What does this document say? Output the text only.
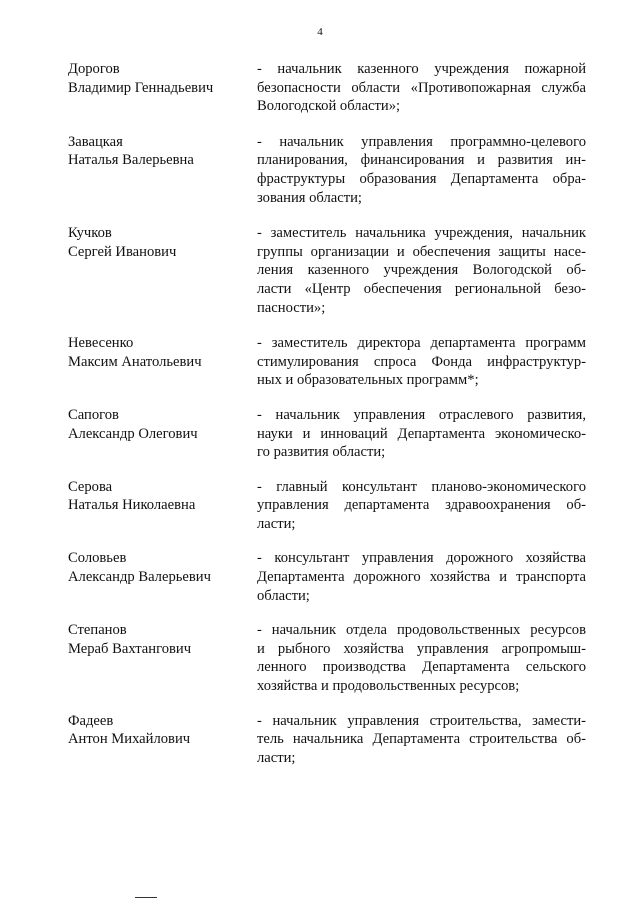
4
Дорогов
Владимир Геннадьевич
- начальник казенного учреждения пожарной
безопасности области «Противопожарная служба
Вологодской области»;
Завацкая
Наталья Валерьевна
- начальник управления программно-целевого
планирования, финансирования и развития ин-
фраструктуры образования Департамента обра-
зования области;
Кучков
Сергей Иванович
- заместитель начальника учреждения, начальник
группы организации и обеспечения защиты насе-
ления казенного учреждения Вологодской об-
ласти «Центр обеспечения региональной безо-
пасности»;
Невесенко
Максим Анатольевич
- заместитель директора департамента программ
стимулирования спроса Фонда инфраструктур-
ных и образовательных программ*;
Сапогов
Александр Олегович
- начальник управления отраслевого развития,
науки и инноваций Департамента экономическо-
го развития области;
Серова
Наталья Николаевна
- главный консультант планово-экономического
управления департамента здравоохранения об-
ласти;
Соловьев
Александр Валерьевич
- консультант управления дорожного хозяйства
Департамента дорожного хозяйства и транспорта
области;
Степанов
Мераб Вахтангович
- начальник отдела продовольственных ресурсов
и рыбного хозяйства управления агропромыш-
ленного производства Департамента сельского
хозяйства и продовольственных ресурсов;
Фадеев
Антон Михайлович
- начальник управления строительства, замести-
тель начальника Департамента строительства об-
ласти;
